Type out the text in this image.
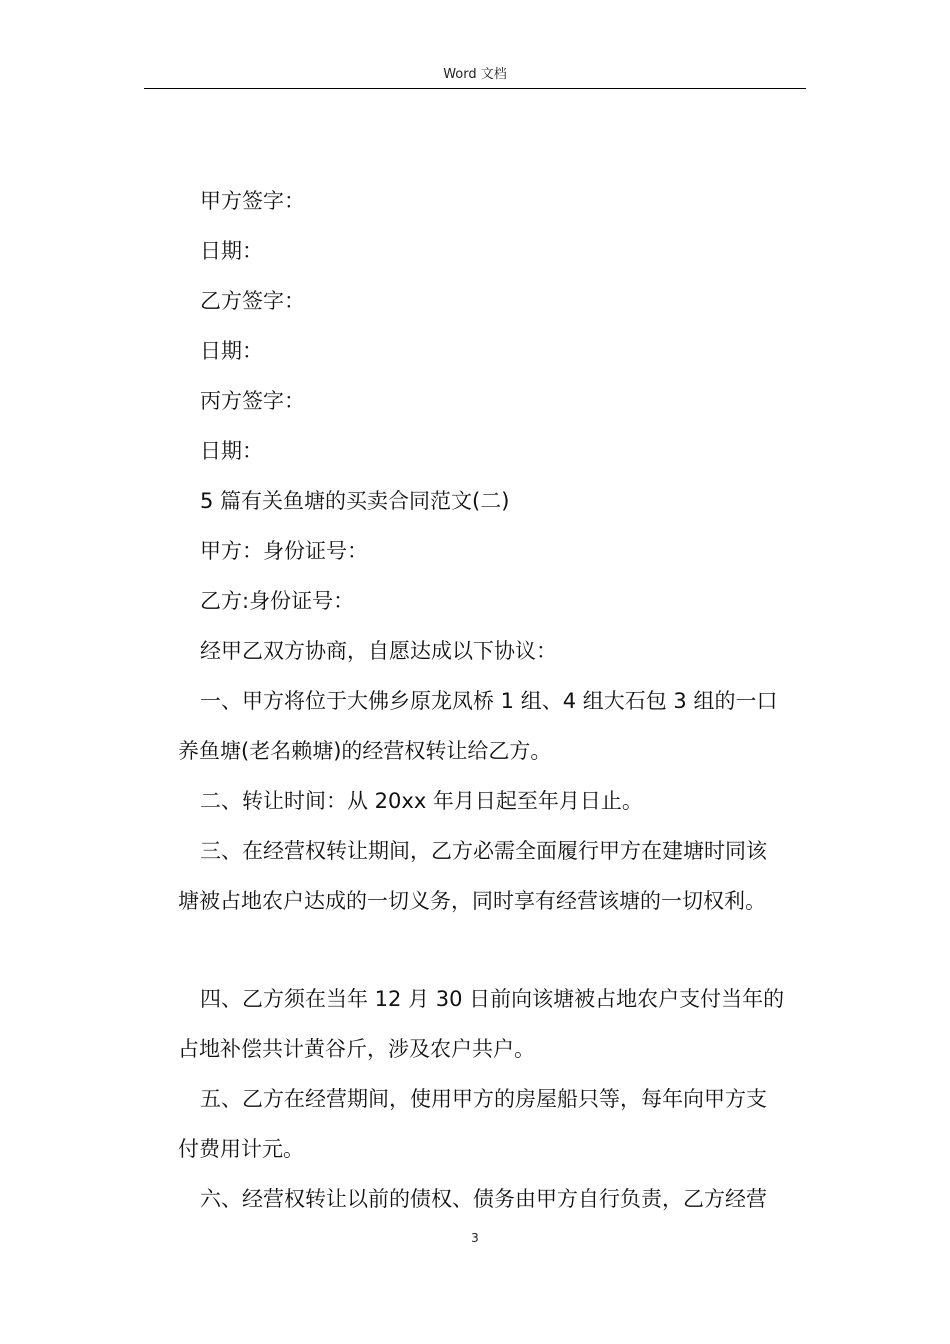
Word 文档

甲方签字：

日期：

乙方签字：

日期：

丙方签字：

日期：

5 篇有关鱼塘的买卖合同范文(二)

甲方：身份证号：

乙方:身份证号：

经甲乙双方协商，自愿达成以下协议：

一、甲方将位于大佛乡原龙凤桥 1 组、4 组大石包 3 组的一口

养鱼塘(老名赖塘)的经营权转让给乙方。

二、转让时间：从 20xx 年月日起至年月日止。

三、在经营权转让期间，乙方必需全面履行甲方在建塘时同该

塘被占地农户达成的一切义务，同时享有经营该塘的一切权利。

四、乙方须在当年 12 月 30 日前向该塘被占地农户支付当年的

占地补偿共计黄谷斤，涉及农户共户。

五、乙方在经营期间，使用甲方的房屋船只等，每年向甲方支

付费用计元。

六、经营权转让以前的债权、债务由甲方自行负责，乙方经营

3
